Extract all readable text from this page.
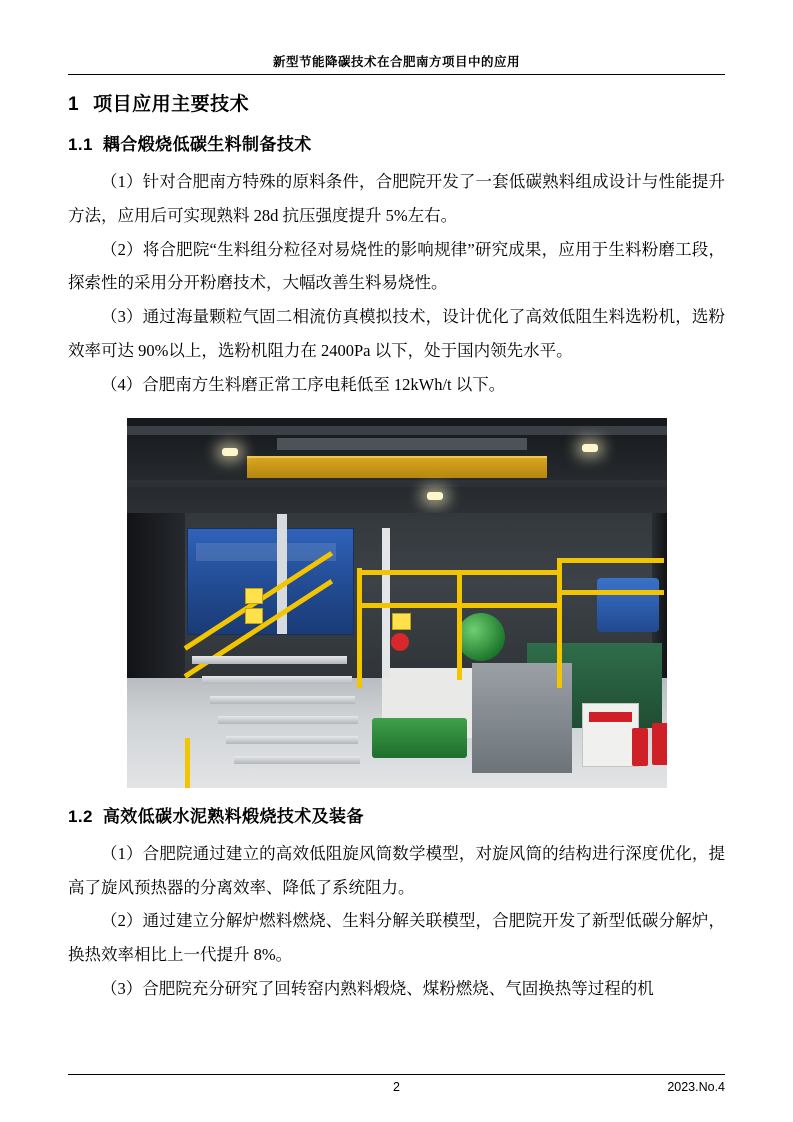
新型节能降碳技术在合肥南方项目中的应用
1 项目应用主要技术
1.1 耦合煅烧低碳生料制备技术

（1）针对合肥南方特殊的原料条件，合肥院开发了一套低碳熟料组成设计与性能提升方法，应用后可实现熟料 28d 抗压强度提升 5%左右。

（2）将合肥院“生料组分粒径对易烧性的影响规律”研究成果，应用于生料粉磨工段，探索性的采用分开粉磨技术，大幅改善生料易烧性。

（3）通过海量颗粒气固二相流仿真模拟技术，设计优化了高效低阻生料选粉机，选粉效率可达 90%以上，选粉机阻力在 2400Pa 以下，处于国内领先水平。

（4）合肥南方生料磨正常工序电耗低至 12kWh/t 以下。

1.2 高效低碳水泥熟料煅烧技术及装备

（1）合肥院通过建立的高效低阻旋风筒数学模型，对旋风筒的结构进行深度优化，提高了旋风预热器的分离效率、降低了系统阻力。

（2）通过建立分解炉燃料燃烧、生料分解关联模型，合肥院开发了新型低碳分解炉，换热效率相比上一代提升 8%。

（3）合肥院充分研究了回转窑内熟料煅烧、煤粉燃烧、气固换热等过程的机

2	2023.No.4
